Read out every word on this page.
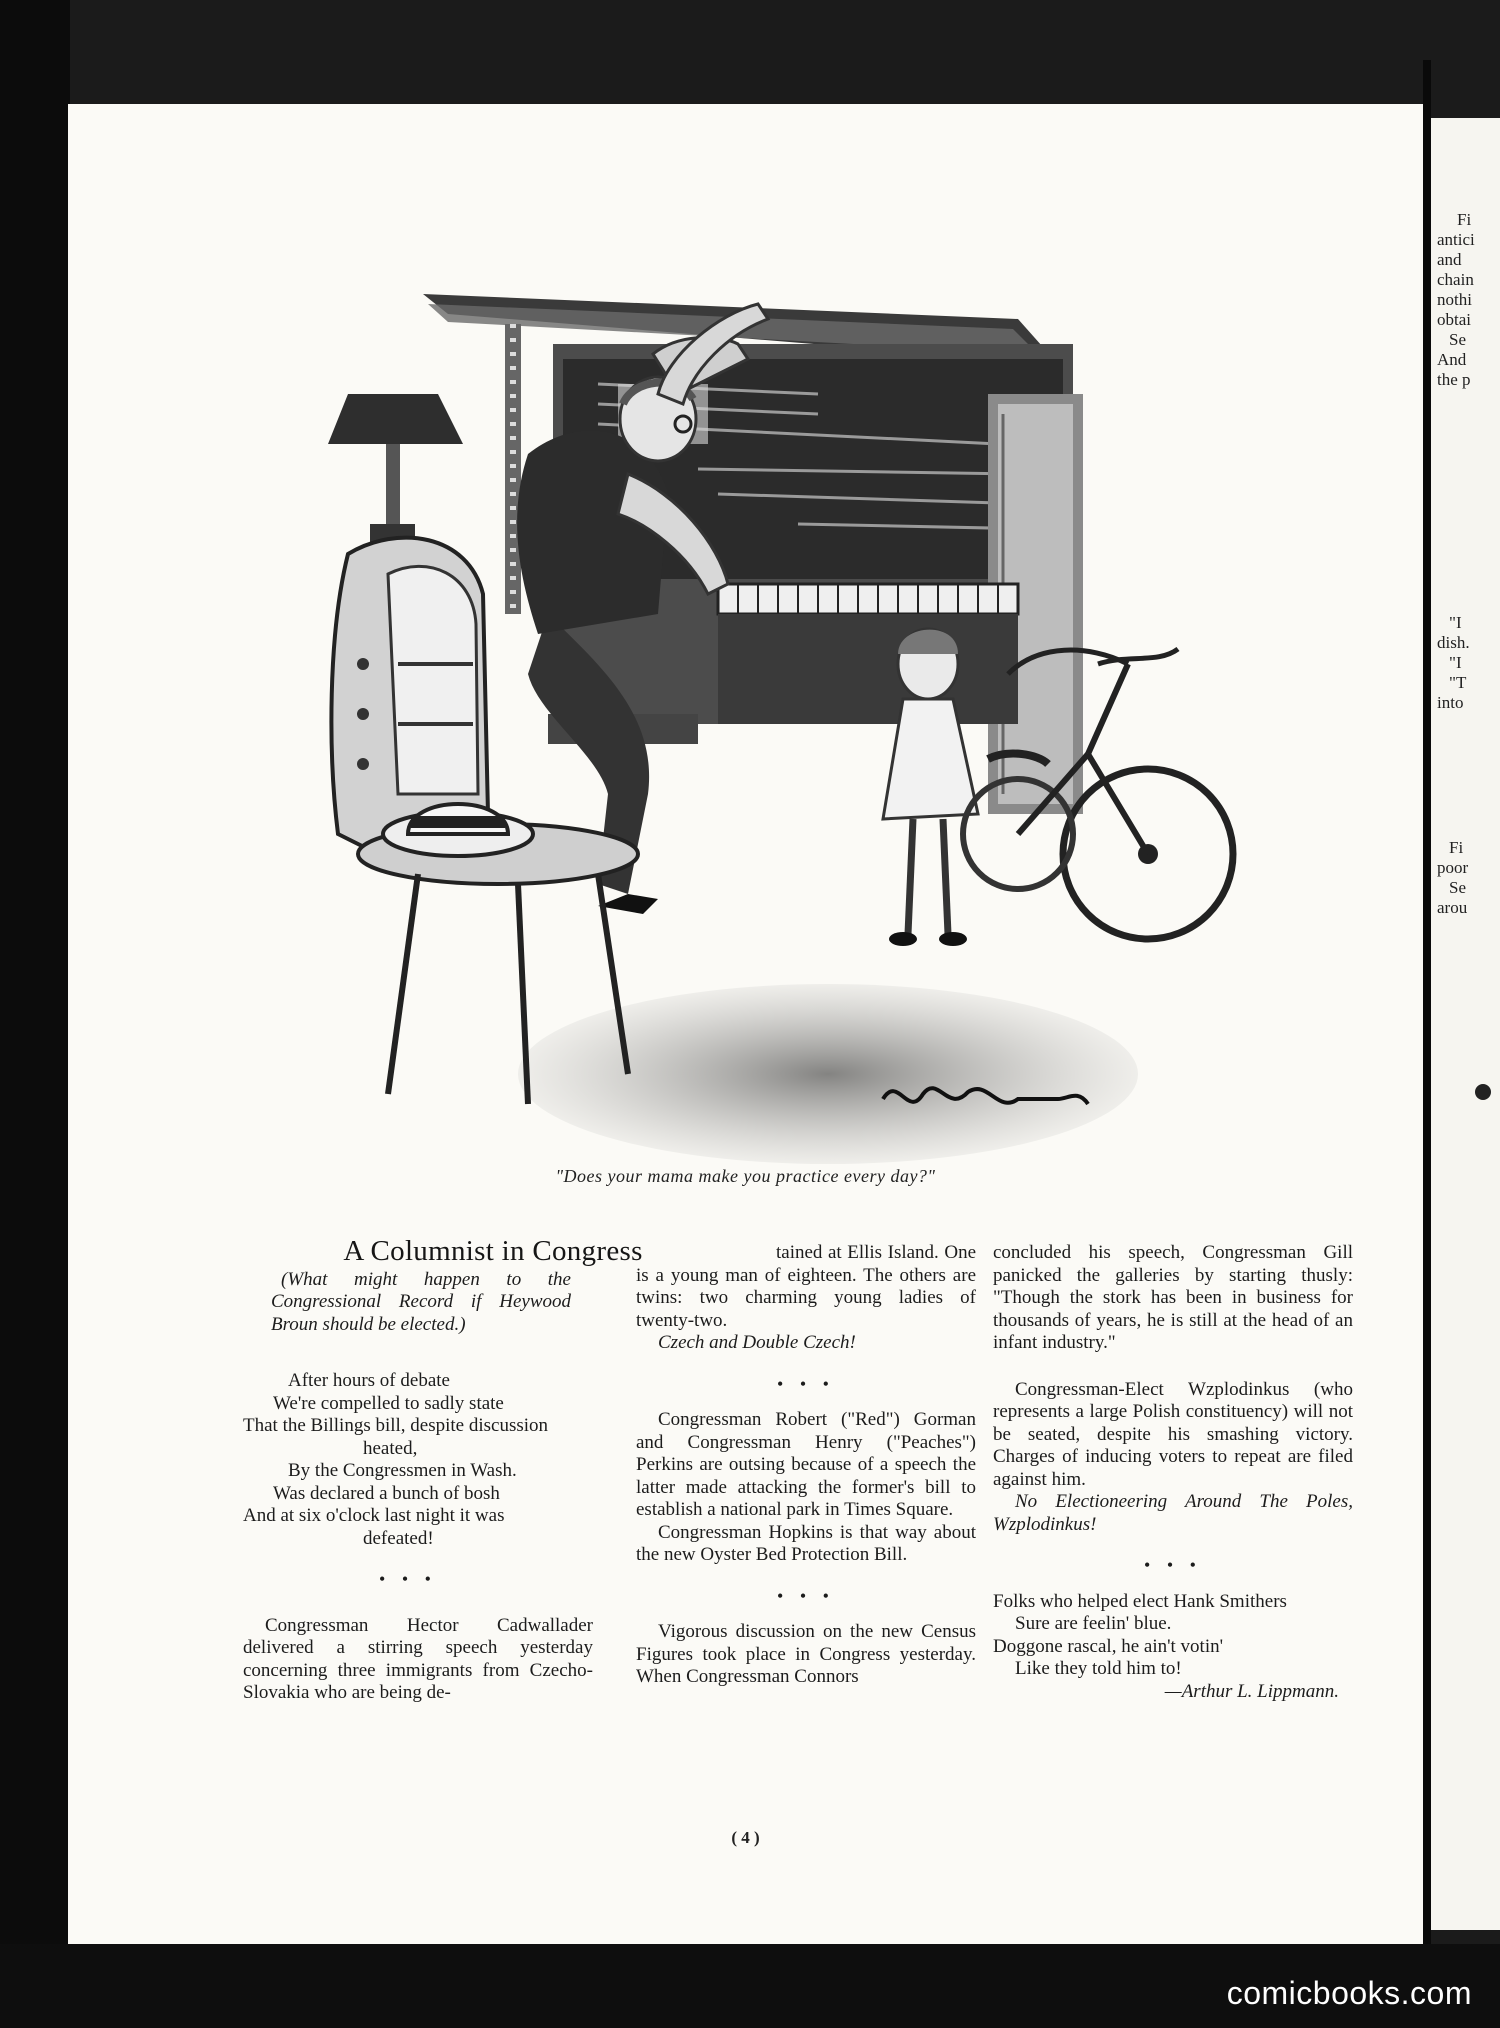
Fi
antici
and
chain
nothi
obtai
Se
And
the p
"I
dish.
"I
"T
into
Fi
poor
Se
arou
"Does your mama make you practice every day?"
A Columnist in Congress
(What might happen to the Congressional Record if Heywood Broun should be elected.)
After hours of debate
We're compelled to sadly state
That the Billings bill, despite discussion
heated,
By the Congressmen in Wash.
Was declared a bunch of bosh
And at six o'clock last night it was
defeated!
• • •

Congressman Hector Cadwallader delivered a stirring speech yesterday concerning three immigrants from Czecho-Slovakia who are being de-

tained at Ellis Island. One is a young man of eighteen. The others are twins: two charming young ladies of twenty-two.

Czech and Double Czech!

• • •

Congressman Robert ("Red") Gorman and Congressman Henry ("Peaches") Perkins are outsing because of a speech the latter made attacking the former's bill to establish a national park in Times Square.

Congressman Hopkins is that way about the new Oyster Bed Protection Bill.

• • •

Vigorous discussion on the new Census Figures took place in Congress yesterday. When Congressman Connors

concluded his speech, Congressman Gill panicked the galleries by starting thusly: "Though the stork has been in business for thousands of years, he is still at the head of an infant industry."

Congressman-Elect Wzplodinkus (who represents a large Polish constituency) will not be seated, despite his smashing victory. Charges of inducing voters to repeat are filed against him.

No Electioneering Around The Poles, Wzplodinkus!

• • •
Folks who helped elect Hank Smithers
Sure are feelin' blue.
Doggone rascal, he ain't votin'
Like they told him to!

—Arthur L. Lippmann.

( 4 )
comicbooks.com
